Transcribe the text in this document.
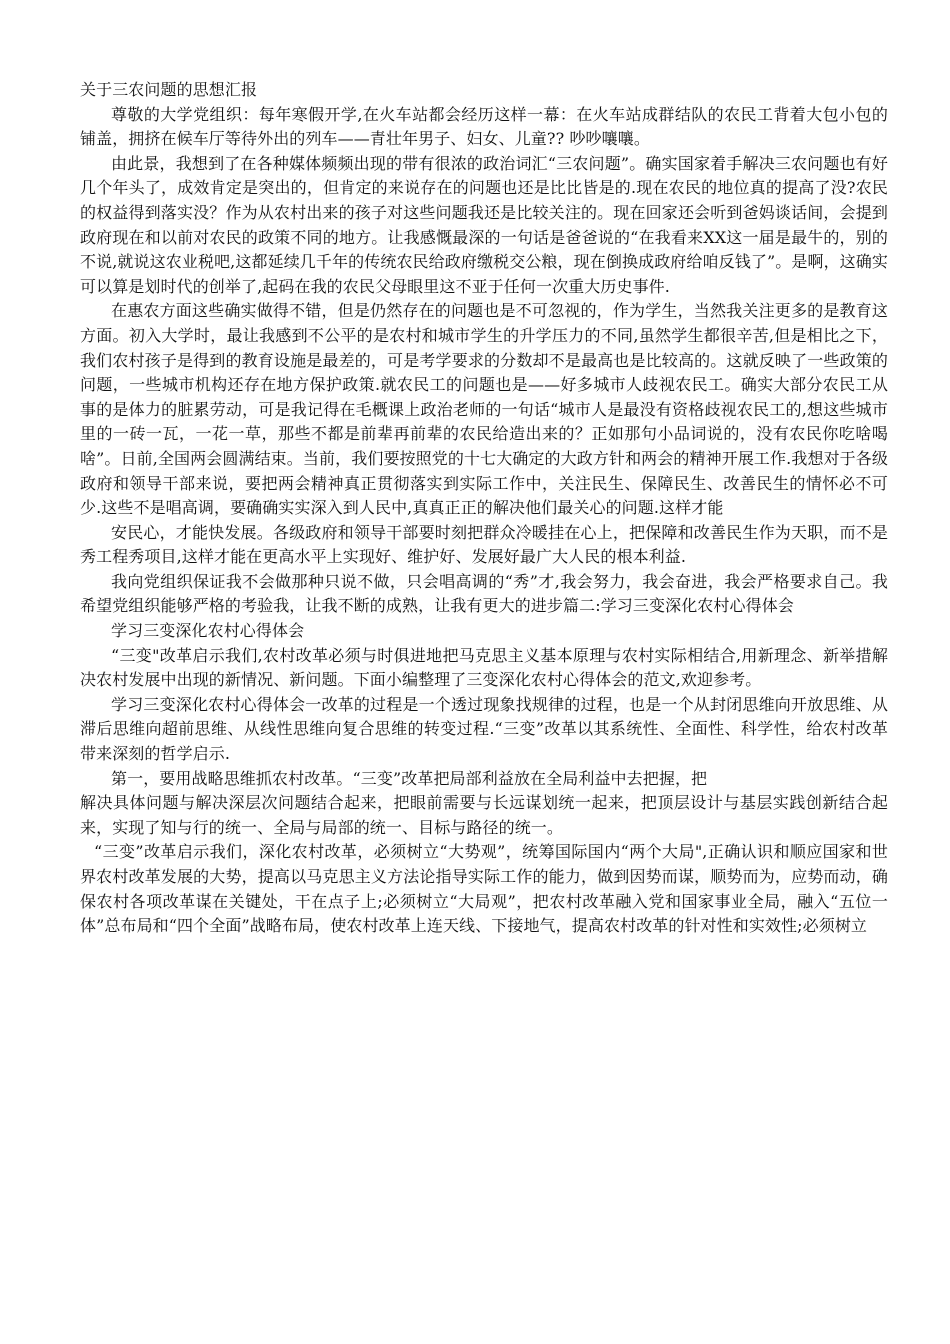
关于三农问题的思想汇报

尊敬的大学党组织：每年寒假开学,在火车站都会经历这样一幕：在火车站成群结队的农民工背着大包小包的铺盖，拥挤在候车厅等待外出的列车——青壮年男子、妇女、儿童?? 吵吵嚷嚷。

由此景，我想到了在各种媒体频频出现的带有很浓的政治词汇“三农问题”。确实国家着手解决三农问题也有好几个年头了，成效肯定是突出的，但肯定的来说存在的问题也还是比比皆是的.现在农民的地位真的提高了没?农民的权益得到落实没？作为从农村出来的孩子对这些问题我还是比较关注的。现在回家还会听到爸妈谈话间，会提到政府现在和以前对农民的政策不同的地方。让我感慨最深的一句话是爸爸说的“在我看来XX这一届是最牛的，别的不说,就说这农业税吧,这都延续几千年的传统农民给政府缴税交公粮，现在倒换成政府给咱反钱了”。是啊，这确实可以算是划时代的创举了,起码在我的农民父母眼里这不亚于任何一次重大历史事件.

在惠农方面这些确实做得不错，但是仍然存在的问题也是不可忽视的，作为学生，当然我关注更多的是教育这方面。初入大学时，最让我感到不公平的是农村和城市学生的升学压力的不同,虽然学生都很辛苦,但是相比之下，我们农村孩子是得到的教育设施是最差的，可是考学要求的分数却不是最高也是比较高的。这就反映了一些政策的问题，一些城市机构还存在地方保护政策.就农民工的问题也是——好多城市人歧视农民工。确实大部分农民工从事的是体力的脏累劳动，可是我记得在毛概课上政治老师的一句话“城市人是最没有资格歧视农民工的,想这些城市里的一砖一瓦，一花一草，那些不都是前辈再前辈的农民给造出来的？正如那句小品词说的，没有农民你吃啥喝啥”。日前,全国两会圆满结束。当前，我们要按照党的十七大确定的大政方针和两会的精神开展工作.我想对于各级政府和领导干部来说，要把两会精神真正贯彻落实到实际工作中，关注民生、保障民生、改善民生的情怀必不可少.这些不是唱高调，要确确实实深入到人民中,真真正正的解决他们最关心的问题.这样才能

安民心，才能快发展。各级政府和领导干部要时刻把群众冷暖挂在心上，把保障和改善民生作为天职，而不是秀工程秀项目,这样才能在更高水平上实现好、维护好、发展好最广大人民的根本利益.

我向党组织保证我不会做那种只说不做，只会唱高调的“秀”才,我会努力，我会奋进，我会严格要求自己。我希望党组织能够严格的考验我，让我不断的成熟，让我有更大的进步篇二:学习三变深化农村心得体会

学习三变深化农村心得体会

“三变"改革启示我们,农村改革必须与时俱进地把马克思主义基本原理与农村实际相结合,用新理念、新举措解决农村发展中出现的新情况、新问题。下面小编整理了三变深化农村心得体会的范文,欢迎参考。

学习三变深化农村心得体会一改革的过程是一个透过现象找规律的过程，也是一个从封闭思维向开放思维、从滞后思维向超前思维、从线性思维向复合思维的转变过程.“三变”改革以其系统性、全面性、科学性，给农村改革带来深刻的哲学启示.

第一，要用战略思维抓农村改革。“三变”改革把局部利益放在全局利益中去把握，把

解决具体问题与解决深层次问题结合起来，把眼前需要与长远谋划统一起来，把顶层设计与基层实践创新结合起来，实现了知与行的统一、全局与局部的统一、目标与路径的统一。

“三变”改革启示我们，深化农村改革，必须树立“大势观”，统筹国际国内“两个大局",正确认识和顺应国家和世界农村改革发展的大势，提高以马克思主义方法论指导实际工作的能力，做到因势而谋，顺势而为，应势而动，确保农村各项改革谋在关键处，干在点子上;必须树立“大局观”，把农村改革融入党和国家事业全局，融入“五位一体”总布局和“四个全面”战略布局，使农村改革上连天线、下接地气，提高农村改革的针对性和实效性;必须树立
